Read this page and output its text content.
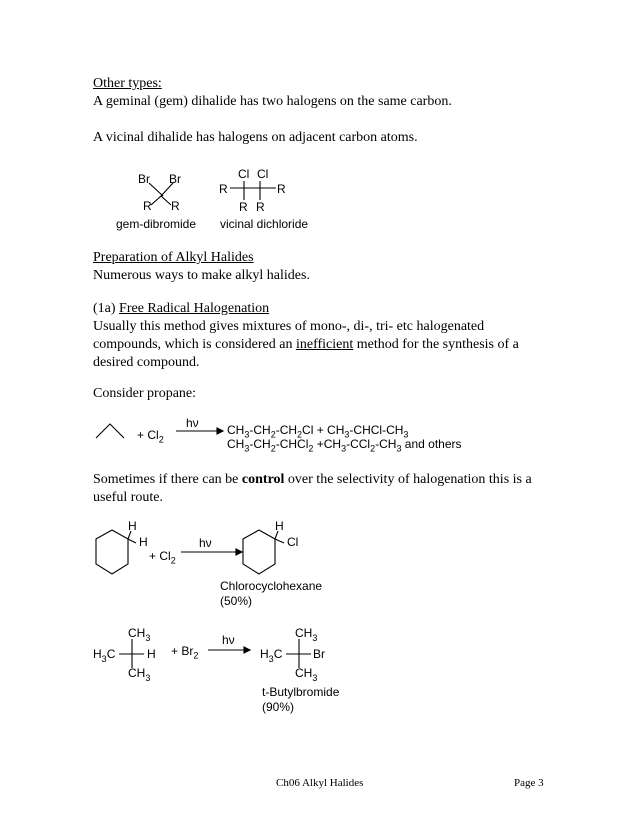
Other types:
A geminal (gem) dihalide has two halogens on the same carbon.
A vicinal dihalide has halogens on adjacent carbon atoms.
Br Br
R R
gem-dibromide
Cl Cl
R	R
R R
vicinal dichloride
Preparation of Alkyl Halides
Numerous ways to make alkyl halides.
(1a) Free Radical Halogenation
Usually this method gives mixtures of mono-, di-, tri- etc halogenated compounds, which is considered an inefficient method for the synthesis of a desired compound.
Consider propane:
hν
+ $Cl_2$
$CH_3-CH_2-CH_2Cl$ + $CH_3-CHCl-CH_3$
$CH_3-CH_2-CHCl_2 +CH_3-CCl_2-CH_3$ and others
Sometimes if there can be control over the selectivity of halogenation this is a useful route.
H
H	hν
H
Cl
Chlorocyclohexane
(50%)
$CH_3$
$H_3C$	H
$CH_3$
hν	$CH_3$
$H_3C$	Br
$CH_3$
t-Butylbromide
(90%)
+ $Cl_2$
+ $Br_2$
Ch06 Alkyl Halides	Page 3
